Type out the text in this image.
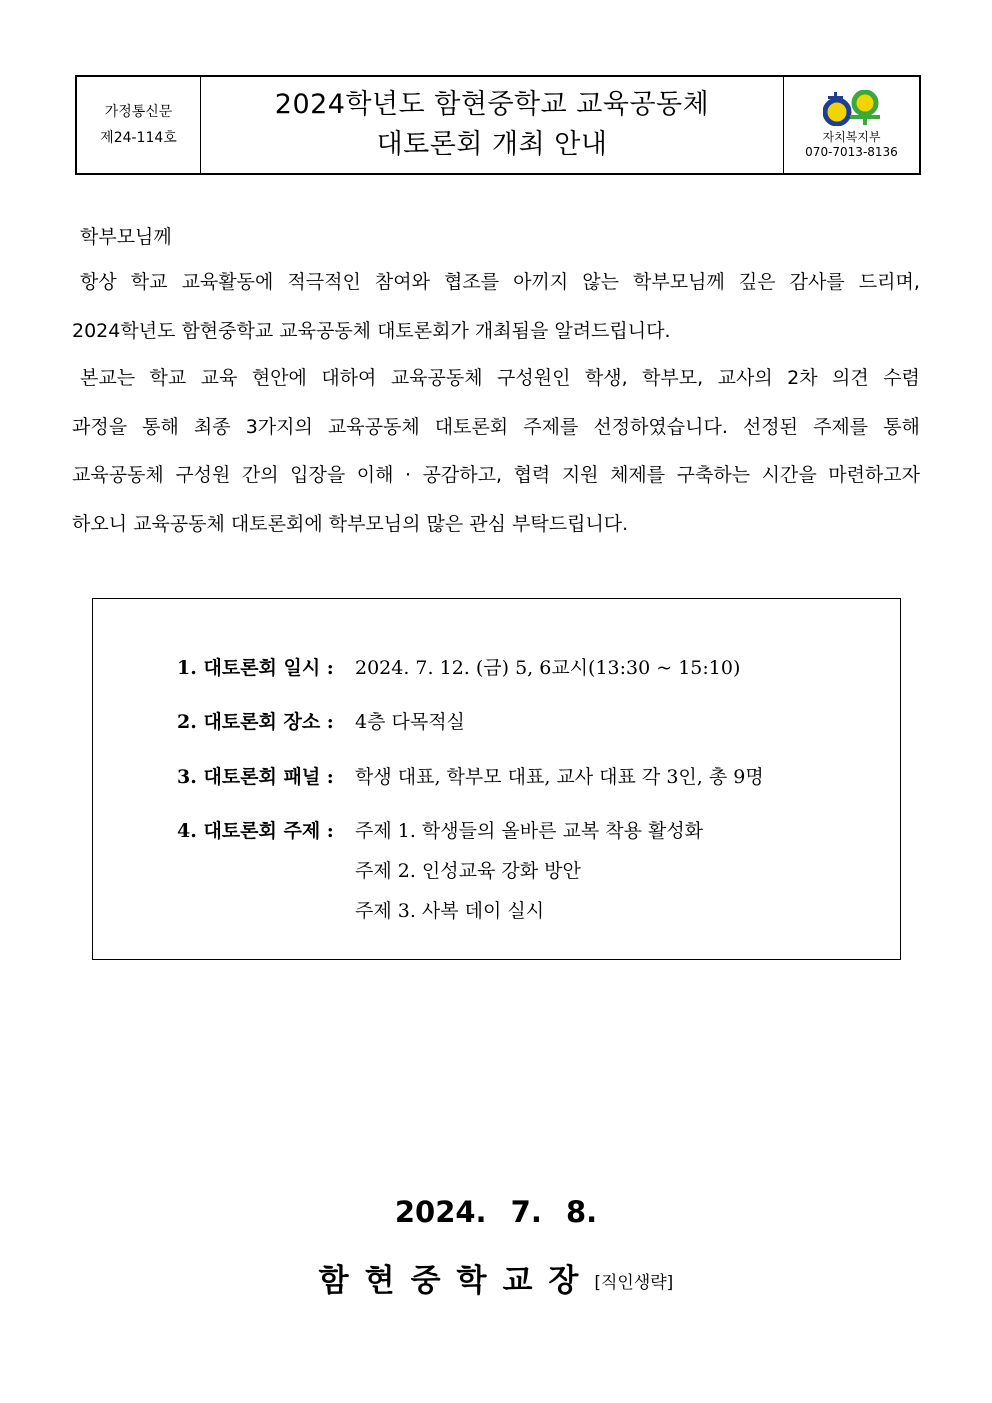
가정통신문
제24-114호
2024학년도 함현중학교 교육공동체
대토론회 개최 안내	자치복지부
070-7013-8136
학부모님께
항상 학교 교육활동에 적극적인 참여와 협조를 아끼지 않는 학부모님께 깊은 감사를 드리며,
2024학년도 함현중학교 교육공동체 대토론회가 개최됨을 알려드립니다.
본교는 학교 교육 현안에 대하여 교육공동체 구성원인 학생, 학부모, 교사의 2차 의견 수렴
과정을 통해 최종 3가지의 교육공동체 대토론회 주제를 선정하였습니다. 선정된 주제를 통해
교육공동체 구성원 간의 입장을 이해 · 공감하고, 협력 지원 체제를 구축하는 시간을 마련하고자
하오니 교육공동체 대토론회에 학부모님의 많은 관심 부탁드립니다.
1. 대토론회 일시 : 2024. 7. 12. (금) 5, 6교시(13:30 ~ 15:10)
2. 대토론회 장소 : 4층 다목적실
3. 대토론회 패널 : 학생 대표, 학부모 대표, 교사 대표 각 3인, 총 9명
4. 대토론회 주제 : 주제 1. 학생들의 올바른 교복 착용 활성화
주제 2. 인성교육 강화 방안
주제 3. 사복 데이 실시
2024. 7. 8.
함현중학교장[직인생략]
